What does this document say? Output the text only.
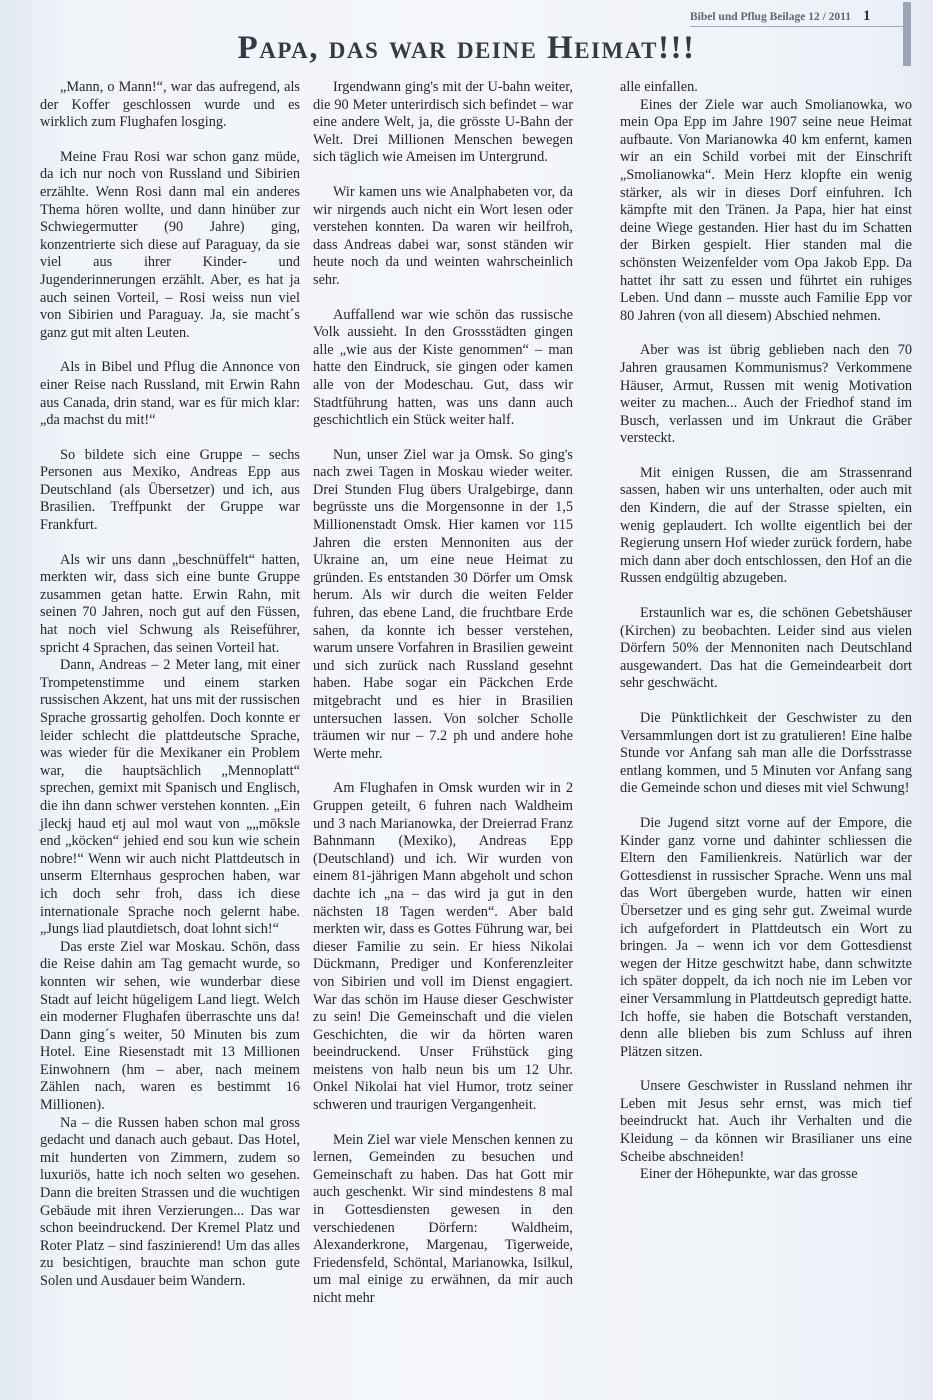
Bibel und Pflug Beilage 12 / 2011 1
Papa, das war deine Heimat!!!

„Mann, o Mann!“, war das aufregend, als der Koffer geschlossen wurde und es wirklich zum Flughafen losging.

Meine Frau Rosi war schon ganz müde, da ich nur noch von Russland und Sibirien erzählte. Wenn Rosi dann mal ein anderes Thema hören wollte, und dann hinüber zur Schwiegermutter (90 Jahre) ging, konzentrierte sich diese auf Paraguay, da sie viel aus ihrer Kinder- und Jugenderinnerungen erzählt. Aber, es hat ja auch seinen Vorteil, – Rosi weiss nun viel von Sibirien und Paraguay. Ja, sie macht´s ganz gut mit alten Leuten.

Als in Bibel und Pflug die Annonce von einer Reise nach Russland, mit Erwin Rahn aus Canada, drin stand, war es für mich klar: „da machst du mit!“

So bildete sich eine Gruppe – sechs Personen aus Mexiko, Andreas Epp aus Deutschland (als Übersetzer) und ich, aus Brasilien. Treffpunkt der Gruppe war Frankfurt.

Als wir uns dann „beschnüffelt“ hatten, merkten wir, dass sich eine bunte Gruppe zusammen getan hatte. Erwin Rahn, mit seinen 70 Jahren, noch gut auf den Füssen, hat noch viel Schwung als Reiseführer, spricht 4 Sprachen, das seinen Vorteil hat.

Dann, Andreas – 2 Meter lang, mit einer Trompetenstimme und einem starken russischen Akzent, hat uns mit der russischen Sprache grossartig geholfen. Doch konnte er leider schlecht die plattdeutsche Sprache, was wieder für die Mexikaner ein Problem war, die hauptsächlich „Mennoplatt“ sprechen, gemixt mit Spanisch und Englisch, die ihn dann schwer verstehen konnten. „Ein jleckj haud etj aul mol waut von „„mōksle end „köcken“ jehied end sou kun wie schein nobre!“ Wenn wir auch nicht Plattdeutsch in unserm Elternhaus gesprochen haben, war ich doch sehr froh, dass ich diese internationale Sprache noch gelernt habe. „Jungs liad plautdietsch, doat lohnt sich!“

Das erste Ziel war Moskau. Schön, dass die Reise dahin am Tag gemacht wurde, so konnten wir sehen, wie wunderbar diese Stadt auf leicht hügeligem Land liegt. Welch ein moderner Flughafen überraschte uns da! Dann ging´s weiter, 50 Minuten bis zum Hotel. Eine Riesenstadt mit 13 Millionen Einwohnern (hm – aber, nach meinem Zählen nach, waren es bestimmt 16 Millionen).

Na – die Russen haben schon mal gross gedacht und danach auch gebaut. Das Hotel, mit hunderten von Zimmern, zudem so luxuriös, hatte ich noch selten wo gesehen. Dann die breiten Strassen und die wuchtigen Gebäude mit ihren Verzierungen... Das war schon beeindruckend. Der Kremel Platz und Roter Platz – sind faszinierend! Um das alles zu besichtigen, brauchte man schon gute Solen und Ausdauer beim Wandern.

Irgendwann ging's mit der U-bahn weiter, die 90 Meter unterirdisch sich befindet – war eine andere Welt, ja, die grösste U-Bahn der Welt. Drei Millionen Menschen bewegen sich täglich wie Ameisen im Untergrund.

Wir kamen uns wie Analphabeten vor, da wir nirgends auch nicht ein Wort lesen oder verstehen konnten. Da waren wir heilfroh, dass Andreas dabei war, sonst ständen wir heute noch da und weinten wahrscheinlich sehr.

Auffallend war wie schön das russische Volk aussieht. In den Grossstädten gingen alle „wie aus der Kiste genommen“ – man hatte den Eindruck, sie gingen oder kamen alle von der Modeschau. Gut, dass wir Stadtführung hatten, was uns dann auch geschichtlich ein Stück weiter half.

Nun, unser Ziel war ja Omsk. So ging's nach zwei Tagen in Moskau wieder weiter. Drei Stunden Flug übers Uralgebirge, dann begrüsste uns die Morgensonne in der 1,5 Millionenstadt Omsk. Hier kamen vor 115 Jahren die ersten Mennoniten aus der Ukraine an, um eine neue Heimat zu gründen. Es entstanden 30 Dörfer um Omsk herum. Als wir durch die weiten Felder fuhren, das ebene Land, die fruchtbare Erde sahen, da konnte ich besser verstehen, warum unsere Vorfahren in Brasilien geweint und sich zurück nach Russland gesehnt haben. Habe sogar ein Päckchen Erde mitgebracht und es hier in Brasilien untersuchen lassen. Von solcher Scholle träumen wir nur – 7.2 ph und andere hohe Werte mehr.

Am Flughafen in Omsk wurden wir in 2 Gruppen geteilt, 6 fuhren nach Waldheim und 3 nach Marianowka, der Dreierrad Franz Bahnmann (Mexiko), Andreas Epp (Deutschland) und ich. Wir wurden von einem 81-jährigen Mann abgeholt und schon dachte ich „na – das wird ja gut in den nächsten 18 Tagen werden“. Aber bald merkten wir, dass es Gottes Führung war, bei dieser Familie zu sein. Er hiess Nikolai Dückmann, Prediger und Konferenzleiter von Sibirien und voll im Dienst engagiert. War das schön im Hause dieser Geschwister zu sein! Die Gemeinschaft und die vielen Geschichten, die wir da hörten waren beeindruckend. Unser Frühstück ging meistens von halb neun bis um 12 Uhr. Onkel Nikolai hat viel Humor, trotz seiner schweren und traurigen Vergangenheit.

Mein Ziel war viele Menschen kennen zu lernen, Gemeinden zu besuchen und Gemeinschaft zu haben. Das hat Gott mir auch geschenkt. Wir sind mindestens 8 mal in Gottesdiensten gewesen in den verschiedenen Dörfern: Waldheim, Alexanderkrone, Margenau, Tigerweide, Friedensfeld, Schöntal, Marianowka, Isilkul, um mal einige zu erwähnen, da mir auch nicht mehr

alle einfallen.

Eines der Ziele war auch Smolianowka, wo mein Opa Epp im Jahre 1907 seine neue Heimat aufbaute. Von Marianowka 40 km enfernt, kamen wir an ein Schild vorbei mit der Einschrift „Smolianowka“. Mein Herz klopfte ein wenig stärker, als wir in dieses Dorf einfuhren. Ich kämpfte mit den Tränen. Ja Papa, hier hat einst deine Wiege gestanden. Hier hast du im Schatten der Birken gespielt. Hier standen mal die schönsten Weizenfelder vom Opa Jakob Epp. Da hattet ihr satt zu essen und führtet ein ruhiges Leben. Und dann – musste auch Familie Epp vor 80 Jahren (von all diesem) Abschied nehmen.

Aber was ist übrig geblieben nach den 70 Jahren grausamen Kommunismus? Verkommene Häuser, Armut, Russen mit wenig Motivation weiter zu machen... Auch der Friedhof stand im Busch, verlassen und im Unkraut die Gräber versteckt.

Mit einigen Russen, die am Strassenrand sassen, haben wir uns unterhalten, oder auch mit den Kindern, die auf der Strasse spielten, ein wenig geplaudert. Ich wollte eigentlich bei der Regierung unsern Hof wieder zurück fordern, habe mich dann aber doch entschlossen, den Hof an die Russen endgültig abzugeben.

Erstaunlich war es, die schönen Gebetshäuser (Kirchen) zu beobachten. Leider sind aus vielen Dörfern 50% der Mennoniten nach Deutschland ausgewandert. Das hat die Gemeindearbeit dort sehr geschwächt.

Die Pünktlichkeit der Geschwister zu den Versammlungen dort ist zu gratulieren! Eine halbe Stunde vor Anfang sah man alle die Dorfsstrasse entlang kommen, und 5 Minuten vor Anfang sang die Gemeinde schon und dieses mit viel Schwung!

Die Jugend sitzt vorne auf der Empore, die Kinder ganz vorne und dahinter schliessen die Eltern den Familienkreis. Natürlich war der Gottesdienst in russischer Sprache. Wenn uns mal das Wort übergeben wurde, hatten wir einen Übersetzer und es ging sehr gut. Zweimal wurde ich aufgefordert in Plattdeutsch ein Wort zu bringen. Ja – wenn ich vor dem Gottesdienst wegen der Hitze geschwitzt habe, dann schwitzte ich später doppelt, da ich noch nie im Leben vor einer Versammlung in Plattdeutsch gepredigt hatte. Ich hoffe, sie haben die Botschaft verstanden, denn alle blieben bis zum Schluss auf ihren Plätzen sitzen.

Unsere Geschwister in Russland nehmen ihr Leben mit Jesus sehr ernst, was mich tief beeindruckt hat. Auch ihr Verhalten und die Kleidung – da können wir Brasilianer uns eine Scheibe abschneiden!

Einer der Höhepunkte, war das grosse
